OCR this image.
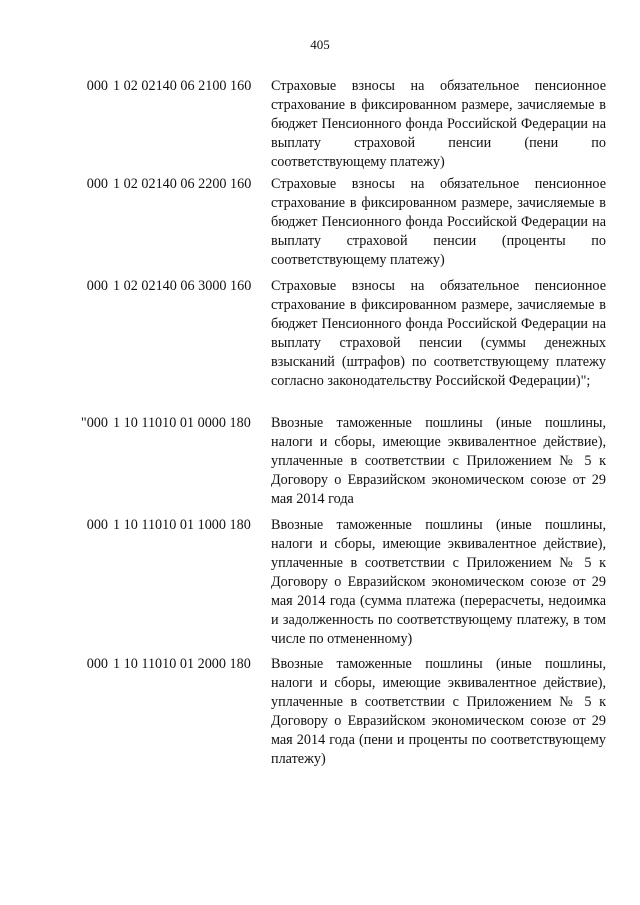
405
000 1 02 02140 06 2100 160	Страховые взносы на обязательное пенсионное страхование в фиксированном размере, зачисляемые в бюджет Пенсионного фонда Российской Федерации на выплату страховой пенсии (пени по соответствующему платежу)
000 1 02 02140 06 2200 160	Страховые взносы на обязательное пенсионное страхование в фиксированном размере, зачисляемые в бюджет Пенсионного фонда Российской Федерации на выплату страховой пенсии (проценты по соответствующему платежу)
000 1 02 02140 06 3000 160	Страховые взносы на обязательное пенсионное страхование в фиксированном размере, зачисляемые в бюджет Пенсионного фонда Российской Федерации на выплату страховой пенсии (суммы денежных взысканий (штрафов) по соответствующему платежу согласно законодательству Российской Федерации)";
"000 1 10 11010 01 0000 180	Ввозные таможенные пошлины (иные пошлины, налоги и сборы, имеющие эквивалентное действие), уплаченные в соответствии с Приложением № 5 к Договору о Евразийском экономическом союзе от 29 мая 2014 года
000 1 10 11010 01 1000 180	Ввозные таможенные пошлины (иные пошлины, налоги и сборы, имеющие эквивалентное действие), уплаченные в соответствии с Приложением № 5 к Договору о Евразийском экономическом союзе от 29 мая 2014 года (сумма платежа (перерасчеты, недоимка и задолженность по соответствующему платежу, в том числе по отмененному)
000 1 10 11010 01 2000 180	Ввозные таможенные пошлины (иные пошлины, налоги и сборы, имеющие эквивалентное действие), уплаченные в соответствии с Приложением № 5 к Договору о Евразийском экономическом союзе от 29 мая 2014 года (пени и проценты по соответствующему платежу)
